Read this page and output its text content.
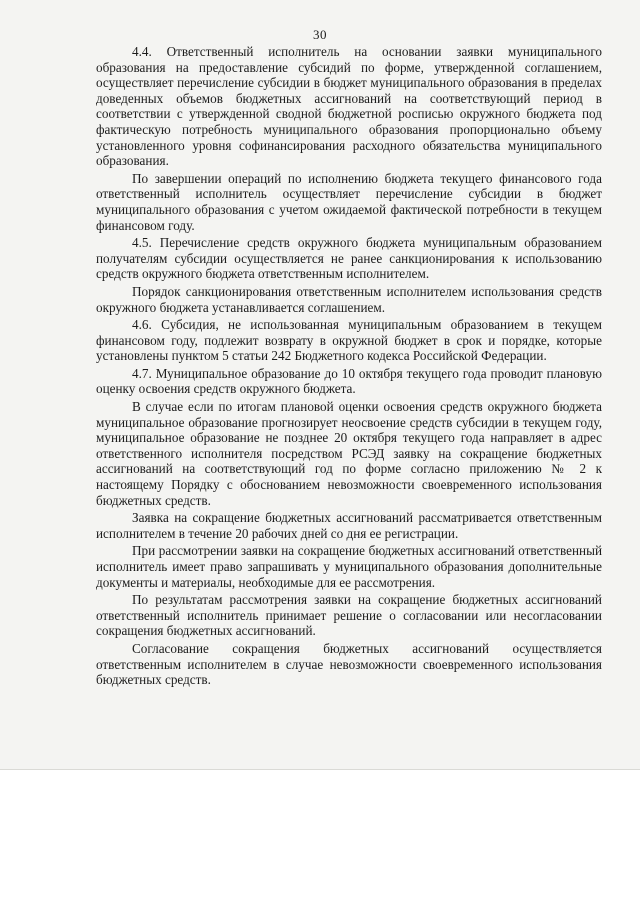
30

4.4. Ответственный исполнитель на основании заявки муниципального образования на предоставление субсидий по форме, утвержденной соглашением, осуществляет перечисление субсидии в бюджет муниципального образования в пределах доведенных объемов бюджетных ассигнований на соответствующий период в соответствии с утвержденной сводной бюджетной росписью окружного бюджета под фактическую потребность муниципального образования пропорционально объему установленного уровня софинансирования расходного обязательства муниципального образования.

По завершении операций по исполнению бюджета текущего финансового года ответственный исполнитель осуществляет перечисление субсидии в бюджет муниципального образования с учетом ожидаемой фактической потребности в текущем финансовом году.

4.5. Перечисление средств окружного бюджета муниципальным образованием получателям субсидии осуществляется не ранее санкционирования к использованию средств окружного бюджета ответственным исполнителем.

Порядок санкционирования ответственным исполнителем использования средств окружного бюджета устанавливается соглашением.

4.6. Субсидия, не использованная муниципальным образованием в текущем финансовом году, подлежит возврату в окружной бюджет в срок и порядке, которые установлены пунктом 5 статьи 242 Бюджетного кодекса Российской Федерации.

4.7. Муниципальное образование до 10 октября текущего года проводит плановую оценку освоения средств окружного бюджета.

В случае если по итогам плановой оценки освоения средств окружного бюджета муниципальное образование прогнозирует неосвоение средств субсидии в текущем году, муниципальное образование не позднее 20 октября текущего года направляет в адрес ответственного исполнителя посредством РСЭД заявку на сокращение бюджетных ассигнований на соответствующий год по форме согласно приложению № 2 к настоящему Порядку с обоснованием невозможности своевременного использования бюджетных средств.

Заявка на сокращение бюджетных ассигнований рассматривается ответственным исполнителем в течение 20 рабочих дней со дня ее регистрации.

При рассмотрении заявки на сокращение бюджетных ассигнований ответственный исполнитель имеет право запрашивать у муниципального образования дополнительные документы и материалы, необходимые для ее рассмотрения.

По результатам рассмотрения заявки на сокращение бюджетных ассигнований ответственный исполнитель принимает решение о согласовании или несогласовании сокращения бюджетных ассигнований.

Согласование сокращения бюджетных ассигнований осуществляется ответственным исполнителем в случае невозможности своевременного использования бюджетных средств.
